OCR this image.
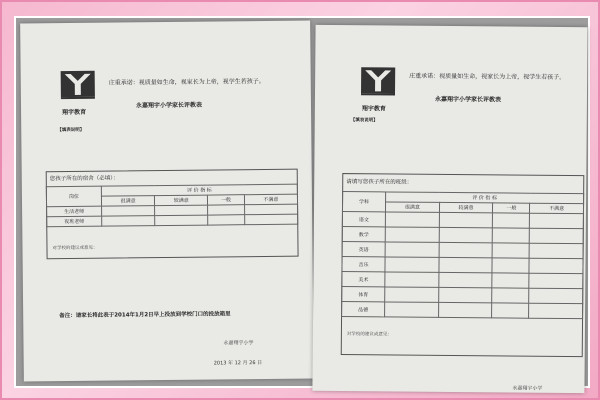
翔宇教育
庄重承诺：视质量如生命，视家长为上帝，视学生若孩子。
永嘉翔宇小学家长评教表
【填表说明】
您孩子所在的宿舍（必填）：
岗位	评 价 指 标			
	很满意	较满意	一般	不满意
生活老师				
夜班老师				
对学校的建议或意见：
备注：请家长将此表于2014年1月2日早上投放到学校门口的投放箱里
永嘉翔宇小学
2013 年 12 月 26 日
翔宇教育
庄重承诺：视质量如生命，视家长为上帝，视学生若孩子。
永嘉翔宇小学家长评教表
【填表说明】
请填写您孩子所在的班级：
学科	评 价 指 标			
	很满意	较满意	一般	不满意
语文				
数学				
英语				
音乐				
美术				
体育				
品德				
对学校的建议或意见：
永嘉翔宇小学
